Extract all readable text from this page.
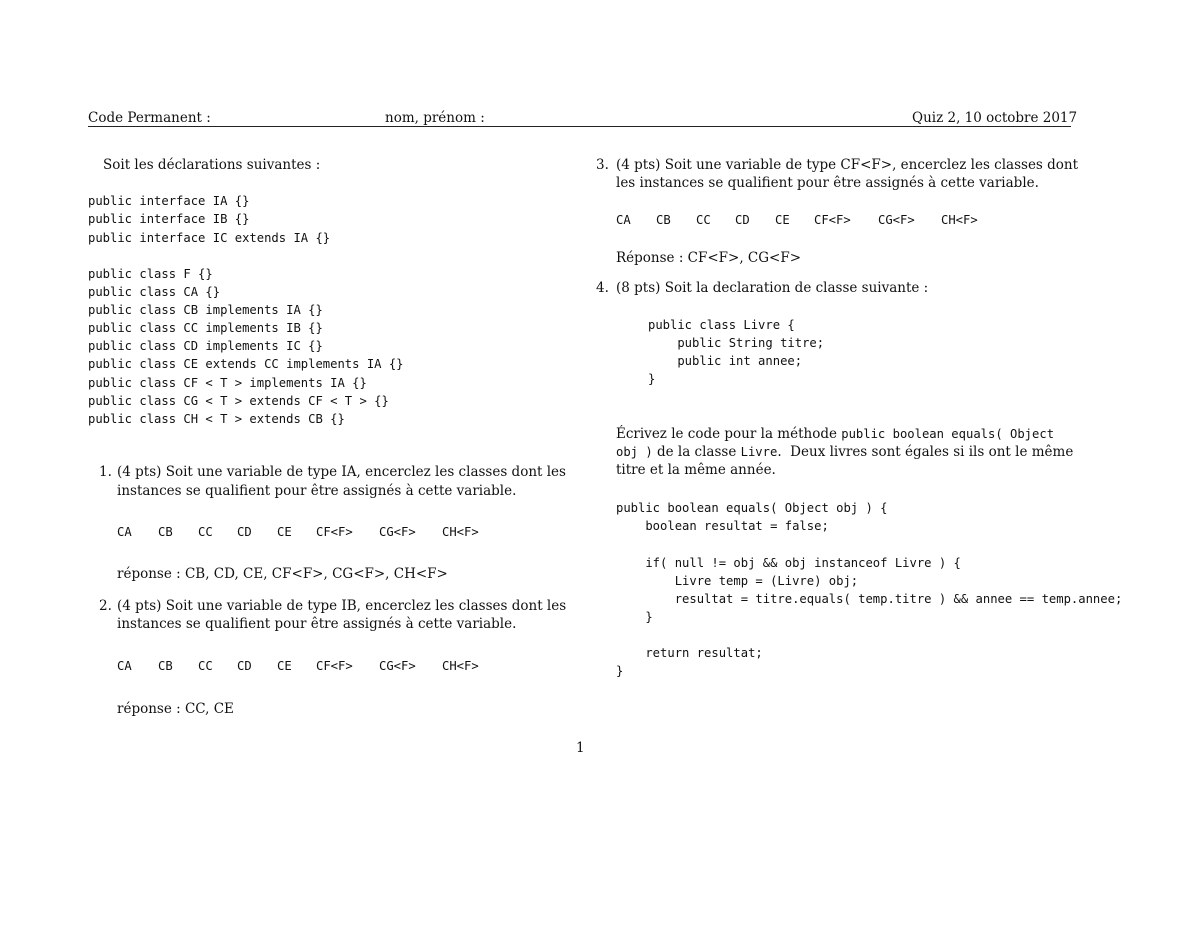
Code Permanent :	nom, prénom :	Quiz 2, 10 octobre 2017
Soit les déclarations suivantes :
public interface IA {}
public interface IB {}
public interface IC extends IA {}
public class F {}
public class CA {}
public class CB implements IA {}
public class CC implements IB {}
public class CD implements IC {}
public class CE extends CC implements IA {}
public class CF < T > implements IA {}
public class CG < T > extends CF < T > {}
public class CH < T > extends CB {}
1. (4 pts) Soit une variable de type IA, encerclez les classes dont les
instances se qualifient pour être assignés à cette variable.
CA CB CC CD CE CF<F> CG<F> CH<F>
réponse : CB, CD, CE, CF<F>, CG<F>, CH<F>
2. (4 pts) Soit une variable de type IB, encerclez les classes dont les
instances se qualifient pour être assignés à cette variable.
CA CB CC CD CE CF<F> CG<F> CH<F>
réponse : CC, CE
3. (4 pts) Soit une variable de type CF<F>, encerclez les classes dont
les instances se qualifient pour être assignés à cette variable.
CA CB CC CD CE CF<F> CG<F> CH<F>
Réponse : CF<F>, CG<F>
4. (8 pts) Soit la declaration de classe suivante :
public class Livre {
public String titre;
public int annee;
}
Écrivez le code pour la méthode public boolean equals( Object
obj ) de la classe Livre.  Deux livres sont égales si ils ont le même
titre et la même année.
public boolean equals( Object obj ) {
boolean resultat = false;
if( null != obj && obj instanceof Livre ) {
Livre temp = (Livre) obj;
resultat = titre.equals( temp.titre ) && annee == temp.annee;
}
return resultat;
}
1
